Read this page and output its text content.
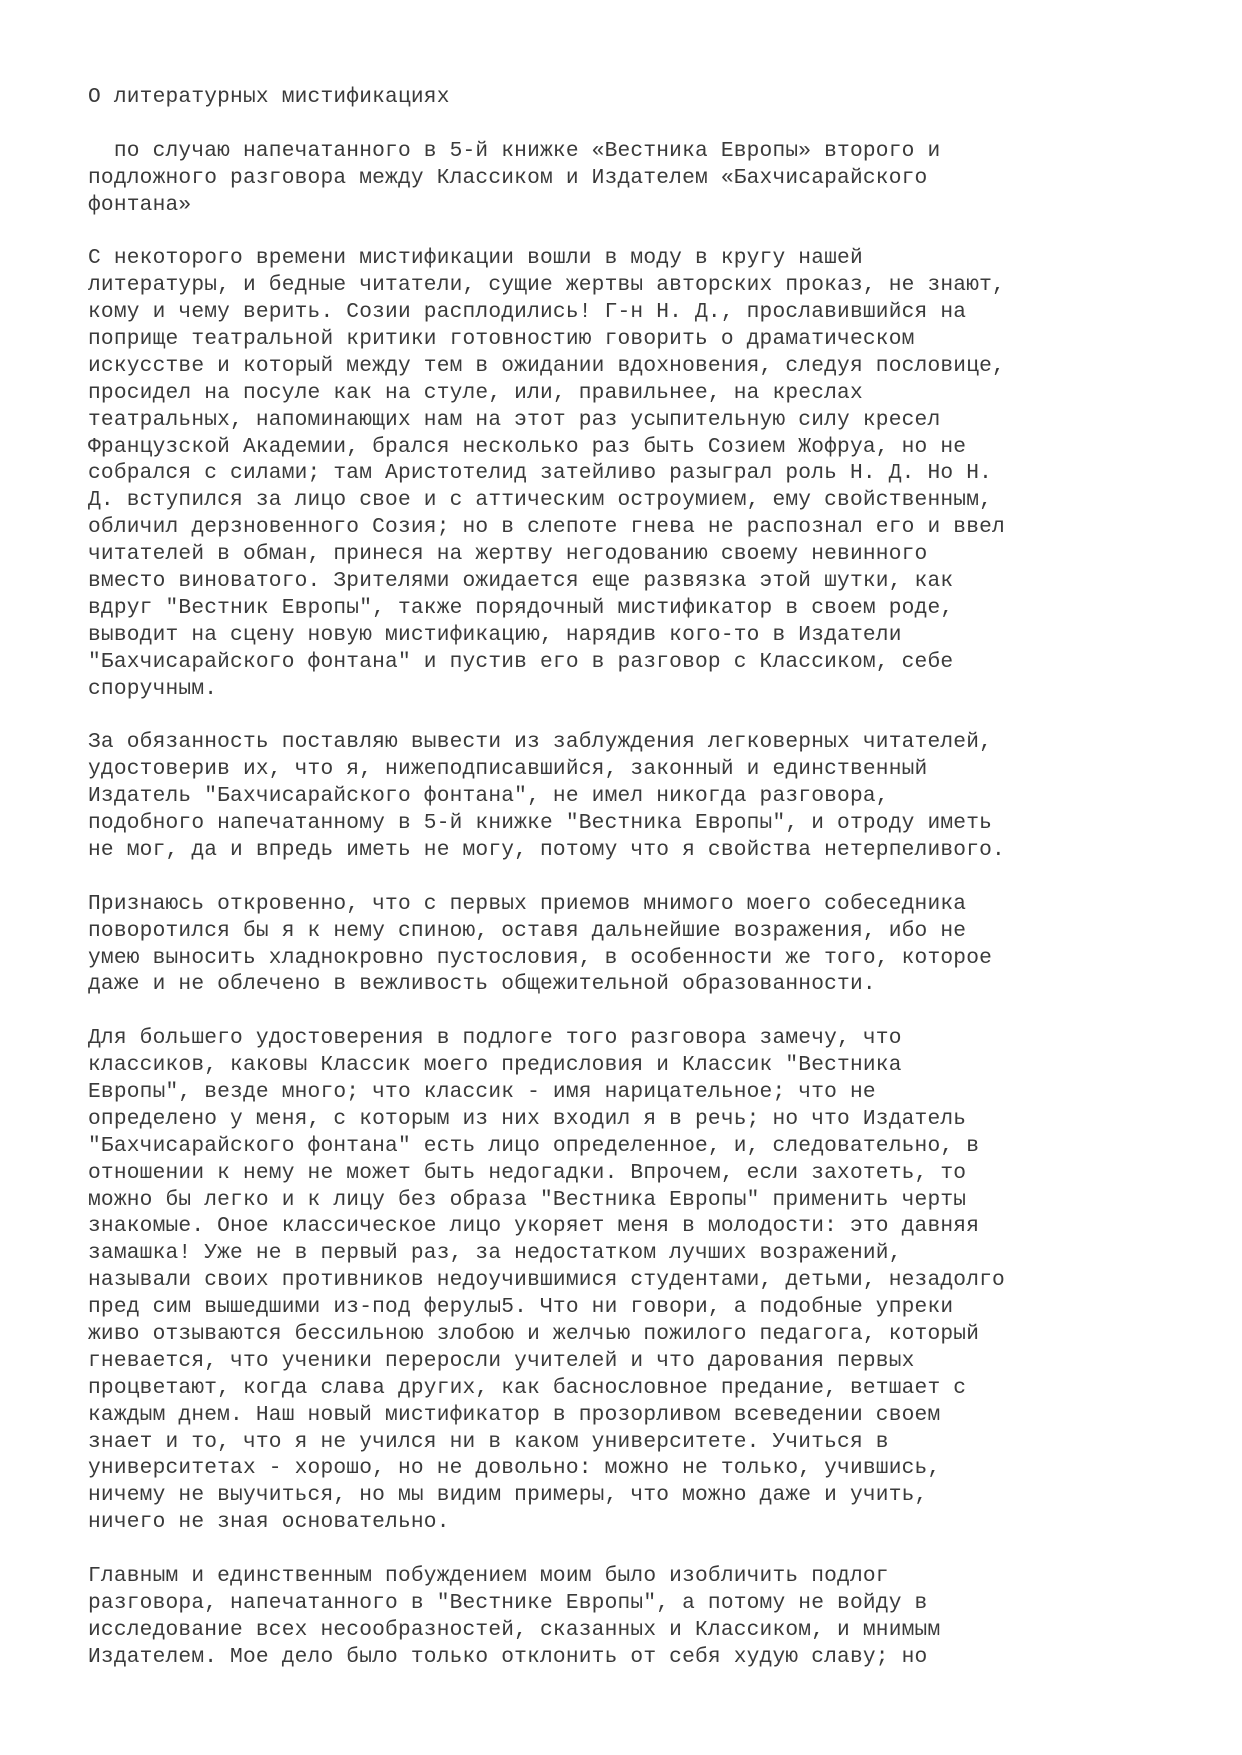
О литературных мистификациях
по случаю напечатанного в 5-й книжке «Вестника Европы» второго и
подложного разговора между Классиком и Издателем «Бахчисарайского
фонтана»
С некоторого времени мистификации вошли в моду в кругу нашей
литературы, и бедные читатели, сущие жертвы авторских проказ, не знают,
кому и чему верить. Созии расплодились! Г-н Н. Д., прославившийся на
поприще театральной критики готовностию говорить о драматическом
искусстве и который между тем в ожидании вдохновения, следуя пословице,
просидел на посуле как на стуле, или, правильнее, на креслах
театральных, напоминающих нам на этот раз усыпительную силу кресел
Французской Академии, брался несколько раз быть Созием Жофруа, но не
собрался с силами; там Аристотелид затейливо разыграл роль Н. Д. Но Н.
Д. вступился за лицо свое и с аттическим остроумием, ему свойственным,
обличил дерзновенного Созия; но в слепоте гнева не распознал его и ввел
читателей в обман, принеся на жертву негодованию своему невинного
вместо виноватого. Зрителями ожидается еще развязка этой шутки, как
вдруг "Вестник Европы", также порядочный мистификатор в своем роде,
выводит на сцену новую мистификацию, нарядив кого-то в Издатели
"Бахчисарайского фонтана" и пустив его в разговор с Классиком, себе
споручным.
За обязанность поставляю вывести из заблуждения легковерных читателей,
удостоверив их, что я, нижеподписавшийся, законный и единственный
Издатель "Бахчисарайского фонтана", не имел никогда разговора,
подобного напечатанному в 5-й книжке "Вестника Европы", и отроду иметь
не мог, да и впредь иметь не могу, потому что я свойства нетерпеливого.
Признаюсь откровенно, что с первых приемов мнимого моего собеседника
поворотился бы я к нему спиною, оставя дальнейшие возражения, ибо не
умею выносить хладнокровно пустословия, в особенности же того, которое
даже и не облечено в вежливость общежительной образованности.
Для большего удостоверения в подлоге того разговора замечу, что
классиков, каковы Классик моего предисловия и Классик "Вестника
Европы", везде много; что классик - имя нарицательное; что не
определено у меня, с которым из них входил я в речь; но что Издатель
"Бахчисарайского фонтана" есть лицо определенное, и, следовательно, в
отношении к нему не может быть недогадки. Впрочем, если захотеть, то
можно бы легко и к лицу без образа "Вестника Европы" применить черты
знакомые. Оное классическое лицо укоряет меня в молодости: это давняя
замашка! Уже не в первый раз, за недостатком лучших возражений,
называли своих противников недоучившимися студентами, детьми, незадолго
пред сим вышедшими из-под ферулы5. Что ни говори, а подобные упреки
живо отзываются бессильною злобою и желчью пожилого педагога, который
гневается, что ученики переросли учителей и что дарования первых
процветают, когда слава других, как баснословное предание, ветшает с
каждым днем. Наш новый мистификатор в прозорливом всеведении своем
знает и то, что я не учился ни в каком университете. Учиться в
университетах - хорошо, но не довольно: можно не только, учившись,
ничему не выучиться, но мы видим примеры, что можно даже и учить,
ничего не зная основательно.
Главным и единственным побуждением моим было изобличить подлог
разговора, напечатанного в "Вестнике Европы", а потому не войду в
исследование всех несообразностей, сказанных и Классиком, и мнимым
Издателем. Мое дело было только отклонить от себя худую славу; но
